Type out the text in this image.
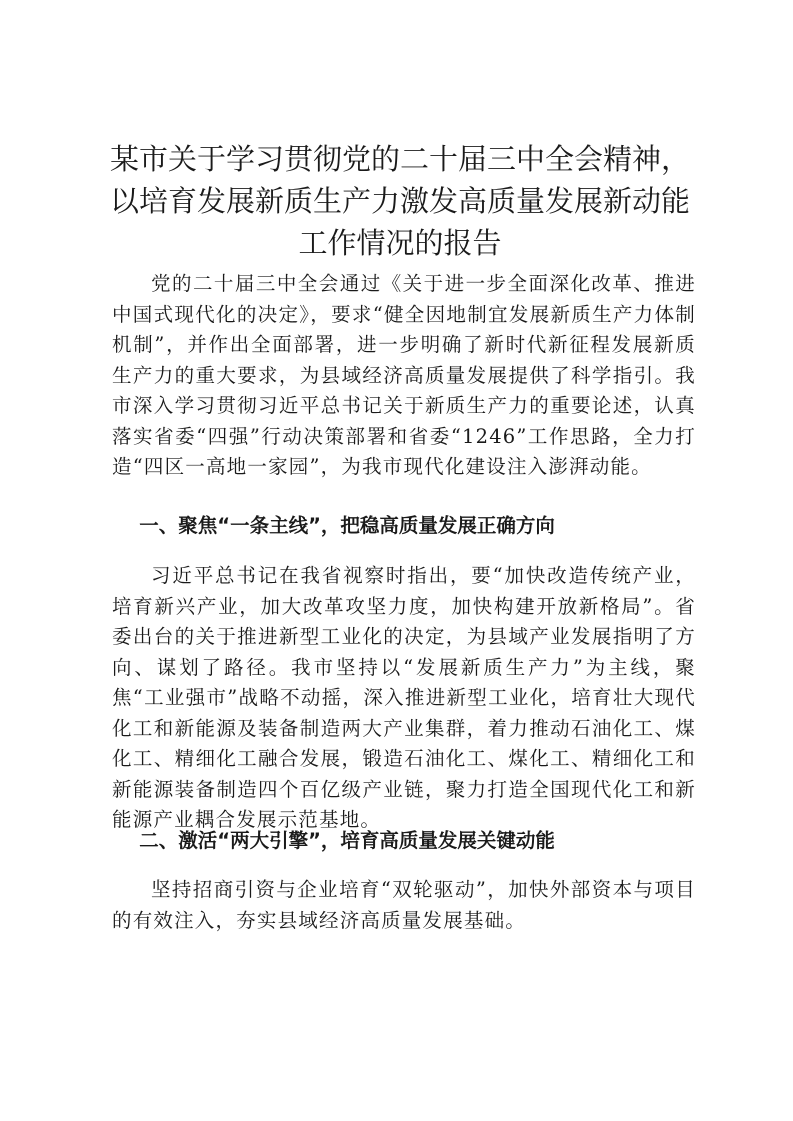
某市关于学习贯彻党的二十届三中全会精神，
以培育发展新质生产力激发高质量发展新动能
工作情况的报告

党的二十届三中全会通过《关于进一步全面深化改革、推进中国式现代化的决定》，要求“健全因地制宜发展新质生产力体制机制”，并作出全面部署，进一步明确了新时代新征程发展新质生产力的重大要求，为县域经济高质量发展提供了科学指引。我市深入学习贯彻习近平总书记关于新质生产力的重要论述，认真落实省委“四强”行动决策部署和省委“1246”工作思路，全力打造“四区一高地一家园”，为我市现代化建设注入澎湃动能。

一、聚焦“一条主线”，把稳高质量发展正确方向

习近平总书记在我省视察时指出，要“加快改造传统产业，培育新兴产业，加大改革攻坚力度，加快构建开放新格局”。省委出台的关于推进新型工业化的决定，为县域产业发展指明了方向、谋划了路径。我市坚持以“发展新质生产力”为主线，聚焦“工业强市”战略不动摇，深入推进新型工业化，培育壮大现代化工和新能源及装备制造两大产业集群，着力推动石油化工、煤化工、精细化工融合发展，锻造石油化工、煤化工、精细化工和新能源装备制造四个百亿级产业链，聚力打造全国现代化工和新能源产业耦合发展示范基地。

二、激活“两大引擎”，培育高质量发展关键动能

坚持招商引资与企业培育“双轮驱动”，加快外部资本与项目的有效注入，夯实县域经济高质量发展基础。
